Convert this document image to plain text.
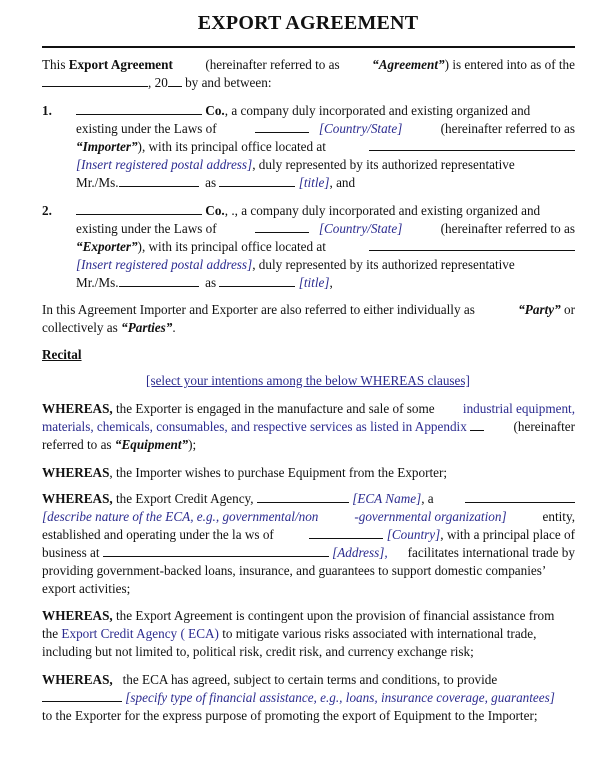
EXPORT AGREEMENT
This Export Agreement (hereinafter referred to as “Agreement”) is entered into as of the
, 20 by and between:
1.	Co., a company duly incorporated and existing organized and
existing under the Laws of	[Country/State]	(hereinafter referred to as
“Importer”), with its principal office located at
[Insert registered postal address], duly represented by its authorized representative
Mr./Ms.	as	[title], and
2.	Co., ., a company duly incorporated and existing organized and
existing under the Laws of	[Country/State]	(hereinafter referred to as
“Exporter”), with its principal office located at
[Insert registered postal address], duly represented by its authorized representative
Mr./Ms.	as	[title],
In this Agreement Importer and Exporter are also referred to either individually as	“Party” or
collectively as “Parties”.
Recital
[select your intentions among the below WHEREAS clauses]
WHEREAS, the Exporter is engaged in the manufacture and sale of some industrial equipment,
materials, chemicals, consumables, and respective services as listed in Appendix	(hereinafter
referred to as “Equipment”);
WHEREAS, the Importer wishes to purchase Equipment from the Exporter;
WHEREAS, the Export Credit Agency,	[ECA Name], a
[describe nature of the ECA, e.g., governmental/non	-governmental organization]	entity,
established and operating under the la ws of	[Country], with a principal place of
business at	[Address], facilitates international trade by
providing government-backed loans, insurance, and guarantees to support domestic companies’
export activities;
WHEREAS, the Export Agreement is contingent upon the provision of financial assistance from
the Export Credit Agency ( ECA) to mitigate various risks associated with international trade,
including but not limited to, political risk, credit risk, and currency exchange risk;
WHEREAS, the ECA has agreed, subject to certain terms and conditions, to provide
[specify type of financial assistance, e.g., loans, insurance coverage, guarantees]
to the Exporter for the express purpose of promoting the export of Equipment to the Importer;
